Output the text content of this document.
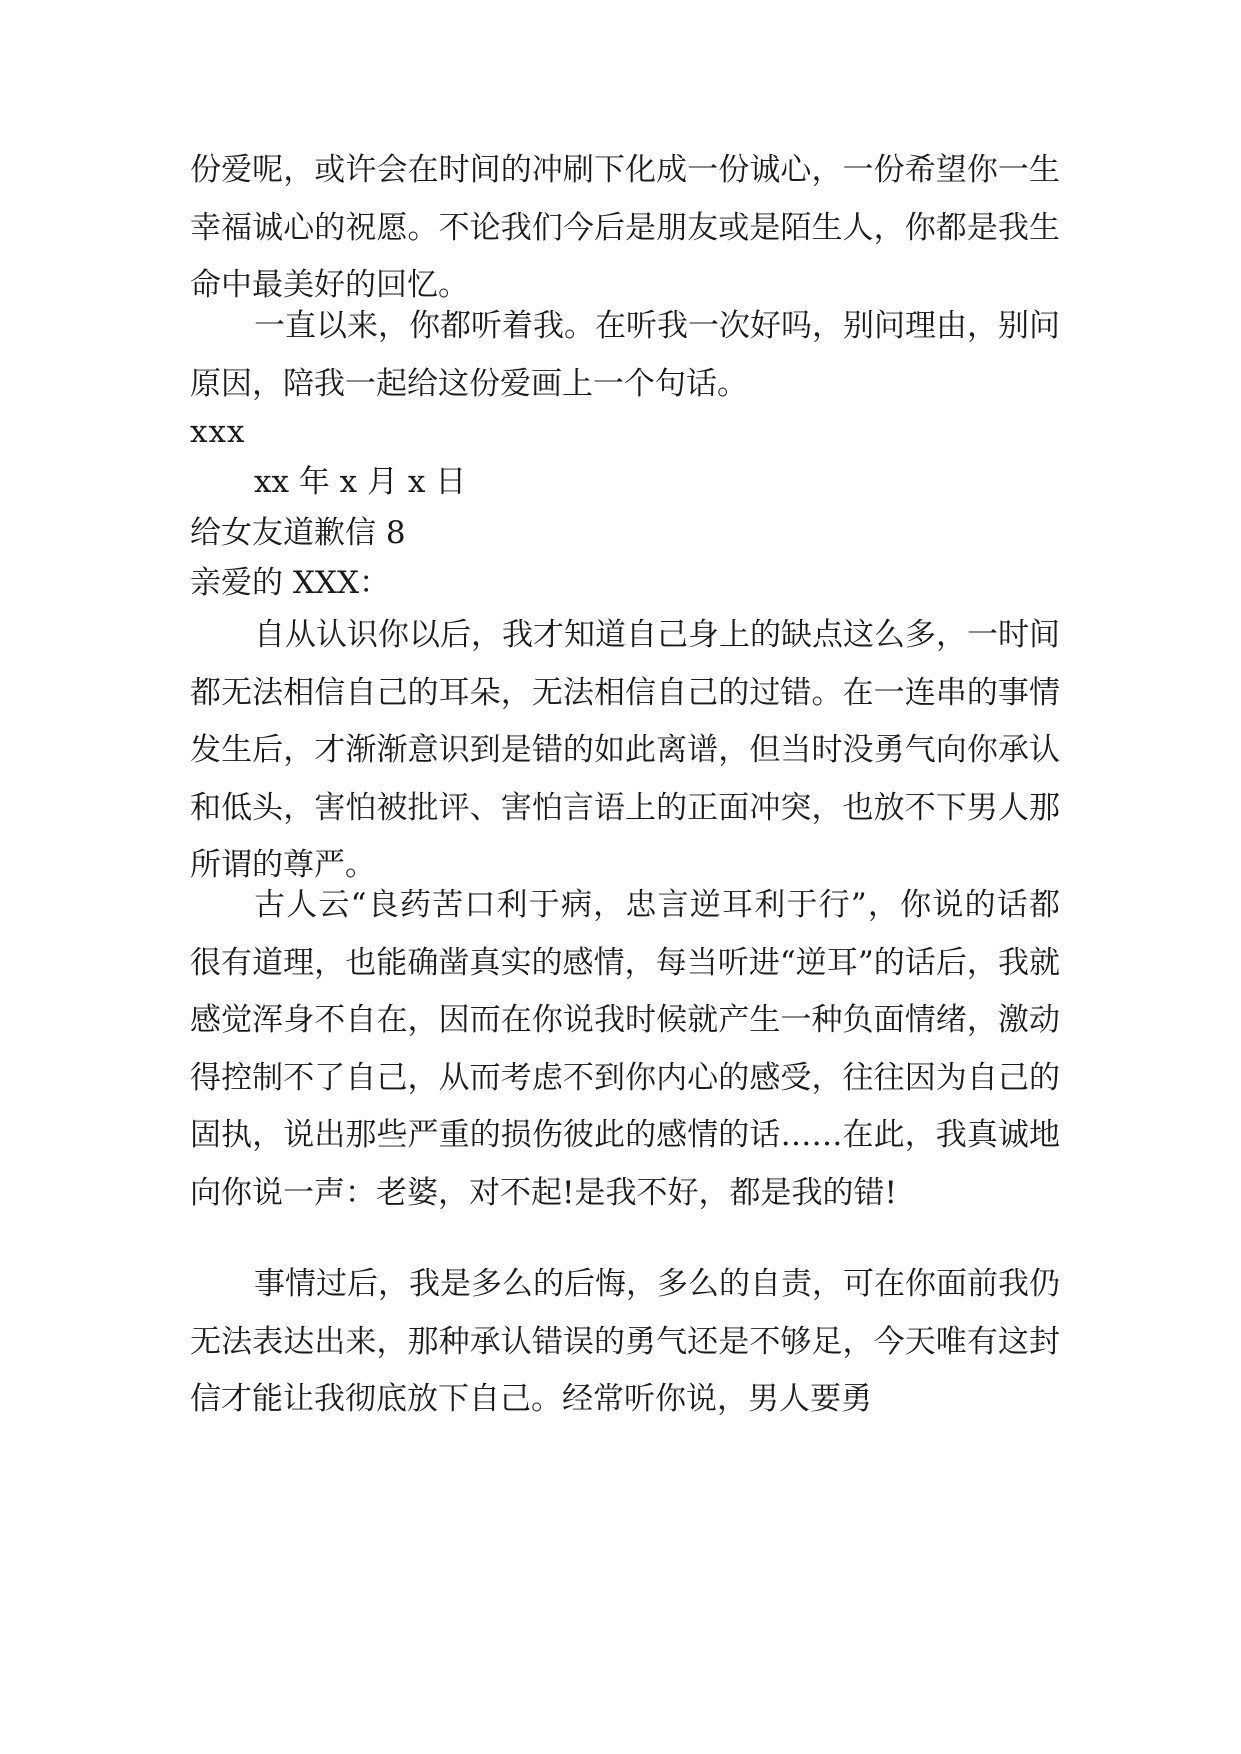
份爱呢，或许会在时间的冲刷下化成一份诚心，一份希望你一生幸福诚心的祝愿。不论我们今后是朋友或是陌生人，你都是我生命中最美好的回忆。

一直以来，你都听着我。在听我一次好吗，别问理由，别问原因，陪我一起给这份爱画上一个句话。

xxx
xx 年 x 月 x 日
给女友道歉信 8
亲爱的 XXX：

自从认识你以后，我才知道自己身上的缺点这么多，一时间都无法相信自己的耳朵，无法相信自己的过错。在一连串的事情发生后，才渐渐意识到是错的如此离谱，但当时没勇气向你承认和低头，害怕被批评、害怕言语上的正面冲突，也放不下男人那所谓的尊严。

古人云“良药苦口利于病，忠言逆耳利于行”，你说的话都很有道理，也能确凿真实的感情，每当听进“逆耳”的话后，我就感觉浑身不自在，因而在你说我时候就产生一种负面情绪，激动得控制不了自己，从而考虑不到你内心的感受，往往因为自己的固执，说出那些严重的损伤彼此的感情的话……在此，我真诚地向你说一声：老婆，对不起!是我不好，都是我的错!

事情过后，我是多么的后悔，多么的自责，可在你面前我仍无法表达出来，那种承认错误的勇气还是不够足，今天唯有这封信才能让我彻底放下自己。经常听你说，男人要勇
